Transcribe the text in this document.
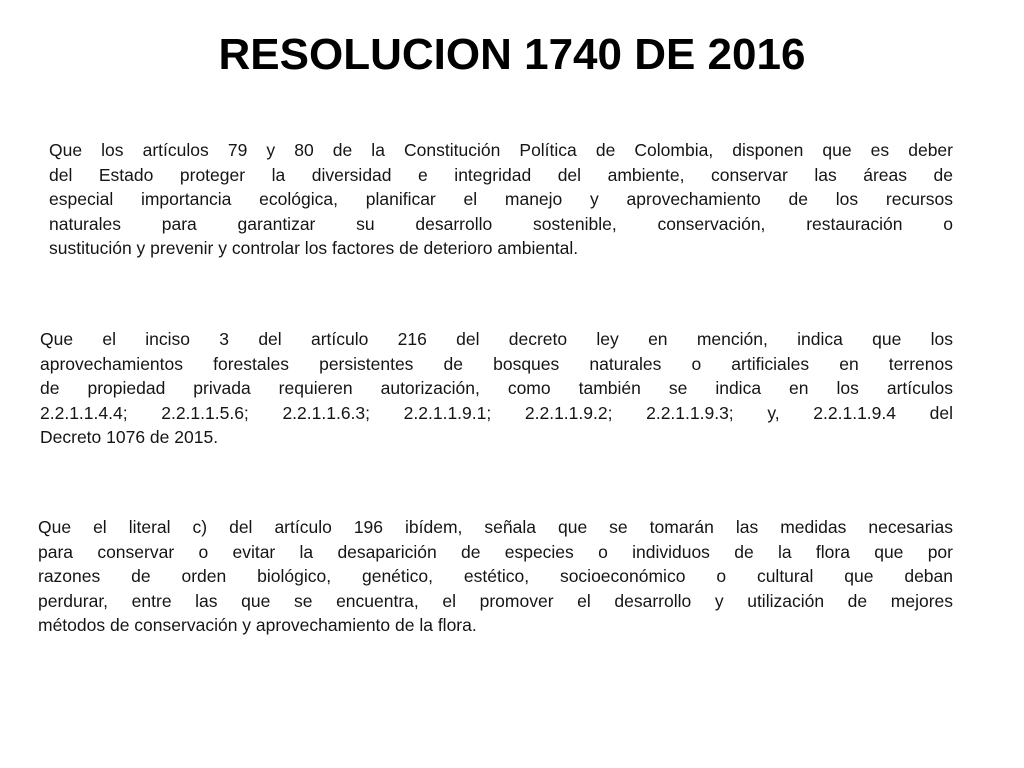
RESOLUCION 1740 DE 2016
Que los artículos 79 y 80 de la Constitución Política de Colombia, disponen que es deber
del Estado proteger la diversidad e integridad del ambiente, conservar las áreas de
especial importancia ecológica, planificar el manejo y aprovechamiento de los recursos
naturales para garantizar su desarrollo sostenible, conservación, restauración o
sustitución y prevenir y controlar los factores de deterioro ambiental.
Que el inciso 3 del artículo 216 del decreto ley en mención, indica que los
aprovechamientos forestales persistentes de bosques naturales o artificiales en terrenos
de propiedad privada requieren autorización, como también se indica en los artículos
2.2.1.1.4.4; 2.2.1.1.5.6; 2.2.1.1.6.3; 2.2.1.1.9.1; 2.2.1.1.9.2; 2.2.1.1.9.3; y, 2.2.1.1.9.4 del
Decreto 1076 de 2015.
Que el literal c) del artículo 196 ibídem, señala que se tomarán las medidas necesarias
para conservar o evitar la desaparición de especies o individuos de la flora que por
razones de orden biológico, genético, estético, socioeconómico o cultural que deban
perdurar, entre las que se encuentra, el promover el desarrollo y utilización de mejores
métodos de conservación y aprovechamiento de la flora.
